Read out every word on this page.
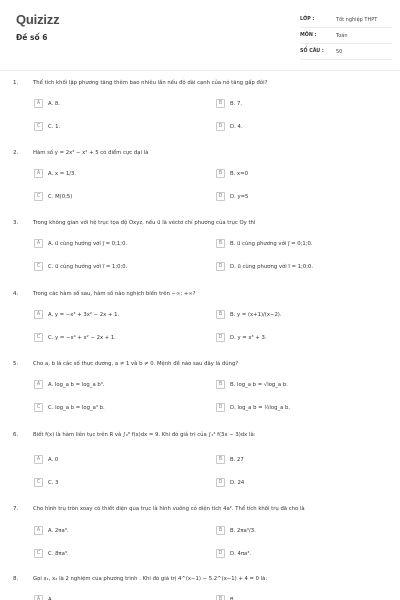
Quizizz
Đề số 6
LỚP :	Tốt nghiệp THPT
MÔN :	Toán
SỐ CÂU :	50
1.	Thể tích khối lập phương tăng thêm bao nhiêu lần nếu độ dài cạnh của nó tăng gấp đôi?
A	A. 8.	B	B. 7.
C	C. 1.	D	D. 4.
2.	Hàm số y = 2x³ − x² + 5 có điểm cực đại là
A	A. x = 1/3.	B	B. x=0
C	C. M(0;5)	D	D. y=5
3.	Trong không gian với hệ trục tọa độ Oxyz, nếu u⃗ là véctơ chỉ phương của trục Oy thì
A	A. u⃗ cùng hướng với j⃗ = 0;1;0.	B	B. u⃗ cùng phương với j⃗ = 0;1;0.
C	C. u⃗ cùng hướng với i⃗ = 1;0;0.	D	D. u⃗ cùng phương với i⃗ = 1;0;0.
4.	Trong các hàm số sau, hàm số nào nghịch biến trên −∞; +∞?
A	A. y = −x³ + 3x² − 2x + 1.	B	B. y = (x+1)/(x−2).
C	C. y = −x⁴ + x² − 2x + 1.	D	D. y = x³ + 3.
5.	Cho a, b là các số thực dương, a ≠ 1 và b ≠ 0. Mệnh đề nào sau đây là đúng?
A	A. log_a b = log_a b³.	B	B. log_a b = √log_a b.
C	C. log_a b = log_a³ b.	D	D. log_a b = ½log_a b.
6.	Biết f(x) là hàm liên tục trên R và ∫₀⁹ f(x)dx = 9. Khi đó giá trị của ∫₁⁴ f(3x − 3)dx là:
A	A. 0	B	B. 27
C	C. 3	D	D. 24
7.	Cho hình trụ tròn xoay có thiết diện qua trục là hình vuông có diện tích 4a². Thể tích khối trụ đã cho là
A	A. 2πa³.	B	B. 2πa³/3.
C	C. 8πa³.	D	D. 4πa³.
8.	Gọi x₁, x₂ là 2 nghiệm của phương trình . Khi đó giá trị 4^(x−1) − 5.2^(x−1) + 4 = 0 là:
A	A.	B	B.
